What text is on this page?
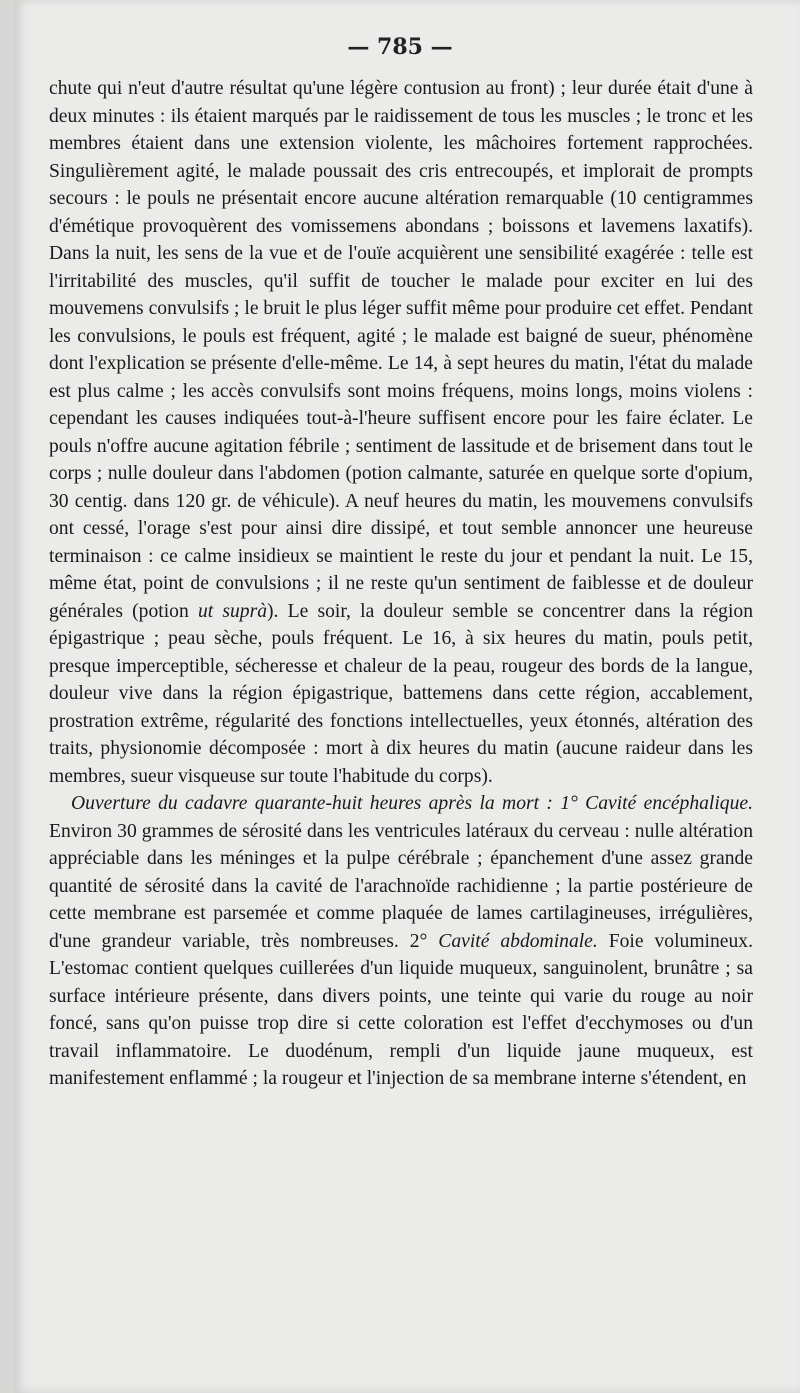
— 785 —

chute qui n'eut d'autre résultat qu'une légère contusion au front) ; leur durée était d'une à deux minutes : ils étaient marqués par le raidissement de tous les muscles ; le tronc et les membres étaient dans une extension violente, les mâchoires fortement rapprochées. Singulièrement agité, le malade poussait des cris entrecoupés, et implorait de prompts secours : le pouls ne présentait encore aucune altération remarquable (10 centigrammes d'émétique provoquèrent des vomissemens abondans ; boissons et lavemens laxatifs). Dans la nuit, les sens de la vue et de l'ouïe acquièrent une sensibilité exagérée : telle est l'irritabilité des muscles, qu'il suffit de toucher le malade pour exciter en lui des mouvemens convulsifs ; le bruit le plus léger suffit même pour produire cet effet. Pendant les convulsions, le pouls est fréquent, agité ; le malade est baigné de sueur, phénomène dont l'explication se présente d'elle-même. Le 14, à sept heures du matin, l'état du malade est plus calme ; les accès convulsifs sont moins fréquens, moins longs, moins violens : cependant les causes indiquées tout-à-l'heure suffisent encore pour les faire éclater. Le pouls n'offre aucune agitation fébrile ; sentiment de lassitude et de brisement dans tout le corps ; nulle douleur dans l'abdomen (potion calmante, saturée en quelque sorte d'opium, 30 centig. dans 120 gr. de véhicule). A neuf heures du matin, les mouvemens convulsifs ont cessé, l'orage s'est pour ainsi dire dissipé, et tout semble annoncer une heureuse terminaison : ce calme insidieux se maintient le reste du jour et pendant la nuit. Le 15, même état, point de convulsions ; il ne reste qu'un sentiment de faiblesse et de douleur générales (potion ut suprà). Le soir, la douleur semble se concentrer dans la région épigastrique ; peau sèche, pouls fréquent. Le 16, à six heures du matin, pouls petit, presque imperceptible, sécheresse et chaleur de la peau, rougeur des bords de la langue, douleur vive dans la région épigastrique, battemens dans cette région, accablement, prostration extrême, régularité des fonctions intellectuelles, yeux étonnés, altération des traits, physionomie décomposée : mort à dix heures du matin (aucune raideur dans les membres, sueur visqueuse sur toute l'habitude du corps).

Ouverture du cadavre quarante-huit heures après la mort : 1° Cavité encéphalique. Environ 30 grammes de sérosité dans les ventricules latéraux du cerveau : nulle altération appréciable dans les méninges et la pulpe cérébrale ; épanchement d'une assez grande quantité de sérosité dans la cavité de l'arachnoïde rachidienne ; la partie postérieure de cette membrane est parsemée et comme plaquée de lames cartilagineuses, irrégulières, d'une grandeur variable, très nombreuses. 2° Cavité abdominale. Foie volumineux. L'estomac contient quelques cuillerées d'un liquide muqueux, sanguinolent, brunâtre ; sa surface intérieure présente, dans divers points, une teinte qui varie du rouge au noir foncé, sans qu'on puisse trop dire si cette coloration est l'effet d'ecchymoses ou d'un travail inflammatoire. Le duodénum, rempli d'un liquide jaune muqueux, est manifestement enflammé ; la rougeur et l'injection de sa membrane interne s'étendent, en
